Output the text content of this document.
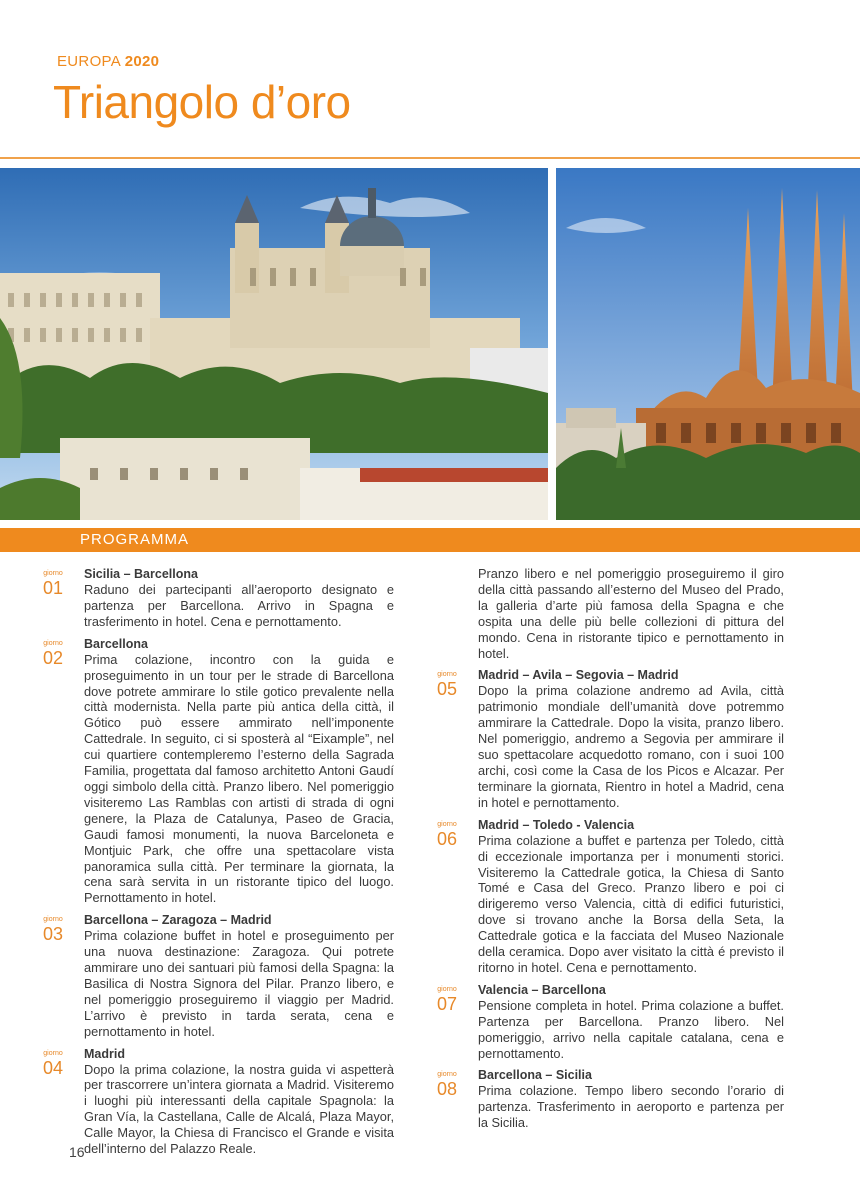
EUROPA 2020
Triangolo d’oro
PROGRAMMA
giorno
01
Sicilia – Barcellona
Raduno dei partecipanti all’aeroporto designato e partenza per Barcellona. Arrivo in Spagna e trasferimento in hotel. Cena e pernottamento.
giorno
02
Barcellona
Prima colazione, incontro con la guida e proseguimento in un tour per le strade di Barcellona dove potrete ammirare lo stile gotico prevalente nella città modernista. Nella parte più antica della città, il Gótico può essere ammirato nell’imponente Cattedrale. In seguito, ci si sposterà al “Eixample”, nel cui quartiere contempleremo l’esterno della Sagrada Familia, progettata dal famoso architetto Antoni Gaudí oggi simbolo della città. Pranzo libero. Nel pomeriggio visiteremo Las Ramblas con artisti di strada di ogni genere, la Plaza de Catalunya, Paseo de Gracia, Gaudi famosi monumenti, la nuova Barceloneta e Montjuic Park, che offre una spettacolare vista panoramica sulla città. Per terminare la giornata, la cena sarà servita in un ristorante tipico del luogo. Pernottamento in hotel.
giorno
03
Barcellona – Zaragoza – Madrid
Prima colazione buffet in hotel e proseguimento per una nuova destinazione: Zaragoza. Qui potrete ammirare uno dei santuari più famosi della Spagna: la Basilica di Nostra Signora del Pilar. Pranzo libero, e nel pomeriggio proseguiremo il viaggio per Madrid. L’arrivo è previsto in tarda serata, cena e pernottamento in hotel.
giorno
04
Madrid
Dopo la prima colazione, la nostra guida vi aspetterà per trascorrere un’intera giornata a Madrid. Visiteremo i luoghi più interessanti della capitale Spagnola: la Gran Vía, la Castellana, Calle de Alcalá, Plaza Mayor, Calle Mayor, la Chiesa di Francisco el Grande e visita dell’interno del Palazzo Reale.
Pranzo libero e nel pomeriggio proseguiremo il giro della città passando all’esterno del Museo del Prado, la galleria d’arte più famosa della Spagna e che ospita una delle più belle collezioni di pittura del mondo. Cena in ristorante tipico e pernottamento in hotel.
giorno
05
Madrid – Avila – Segovia – Madrid
Dopo la prima colazione andremo ad Avila, città patrimonio mondiale dell’umanità dove potremmo ammirare la Cattedrale. Dopo la visita, pranzo libero. Nel pomeriggio, andremo a Segovia per ammirare il suo spettacolare acquedotto romano, con i suoi 100 archi, così come la Casa de los Picos e Alcazar. Per terminare la giornata, Rientro in hotel a Madrid, cena in hotel e pernottamento.
giorno
06
Madrid – Toledo - Valencia
Prima colazione a buffet e partenza per Toledo, città di eccezionale importanza per i monumenti storici. Visiteremo la Cattedrale gotica, la Chiesa di Santo Tomé e Casa del Greco. Pranzo libero e poi ci dirigeremo verso Valencia, città di edifici futuristici, dove si trovano anche la Borsa della Seta, la Cattedrale gotica e la facciata del Museo Nazionale della ceramica. Dopo aver visitato la città é previsto il ritorno in hotel. Cena e pernottamento.
giorno
07
Valencia – Barcellona
Pensione completa in hotel. Prima colazione a buffet. Partenza per Barcellona. Pranzo libero. Nel pomeriggio, arrivo nella capitale catalana, cena e pernottamento.
giorno
08
Barcellona – Sicilia
Prima colazione. Tempo libero secondo l’orario di partenza. Trasferimento in aeroporto e partenza per la Sicilia.
16
